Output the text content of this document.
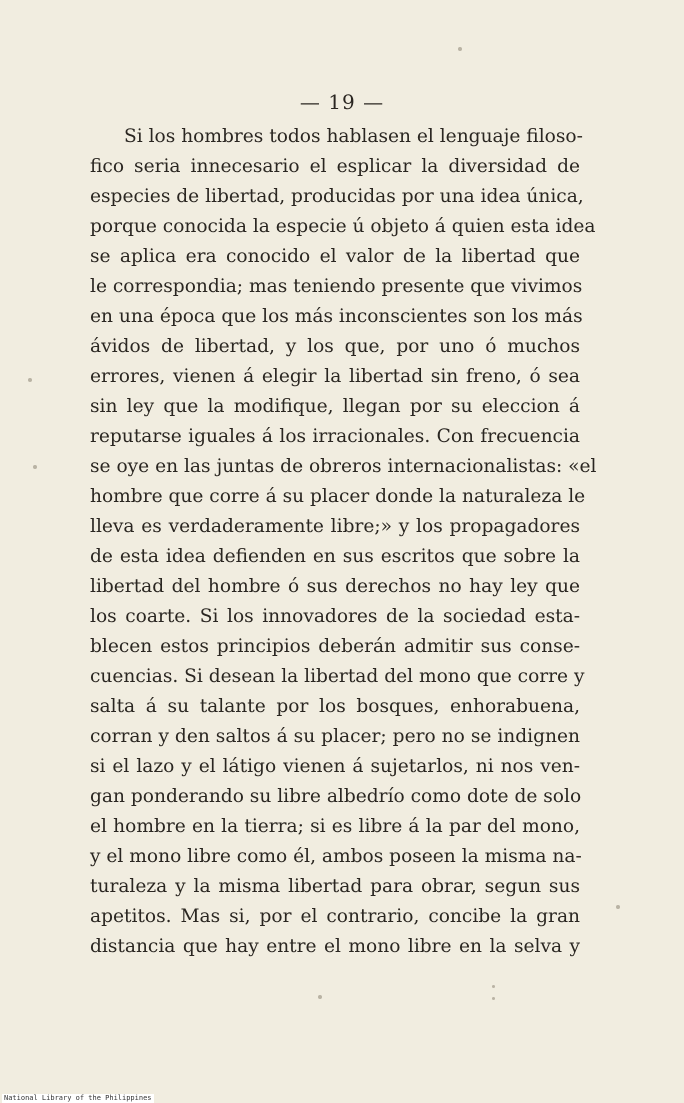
— 19 —
Si los hombres todos hablasen el lenguaje filoso-
fico seria innecesario el esplicar la diversidad de
especies de libertad, producidas por una idea única,
porque conocida la especie ú objeto á quien esta idea
se aplica era conocido el valor de la libertad que
le correspondia; mas teniendo presente que vivimos
en una época que los más inconscientes son los más
ávidos de libertad, y los que, por uno ó muchos
errores, vienen á elegir la libertad sin freno, ó sea
sin ley que la modifique, llegan por su eleccion á
reputarse iguales á los irracionales. Con frecuencia
se oye en las juntas de obreros internacionalistas: «el
hombre que corre á su placer donde la naturaleza le
lleva es verdaderamente libre;» y los propagadores
de esta idea defienden en sus escritos que sobre la
libertad del hombre ó sus derechos no hay ley que
los coarte. Si los innovadores de la sociedad esta-
blecen estos principios deberán admitir sus conse-
cuencias. Si desean la libertad del mono que corre y
salta á su talante por los bosques, enhorabuena,
corran y den saltos á su placer; pero no se indignen
si el lazo y el látigo vienen á sujetarlos, ni nos ven-
gan ponderando su libre albedrío como dote de solo
el hombre en la tierra; si es libre á la par del mono,
y el mono libre como él, ambos poseen la misma na-
turaleza y la misma libertad para obrar, segun sus
apetitos. Mas si, por el contrario, concibe la gran
distancia que hay entre el mono libre en la selva y
National Library of the Philippines
